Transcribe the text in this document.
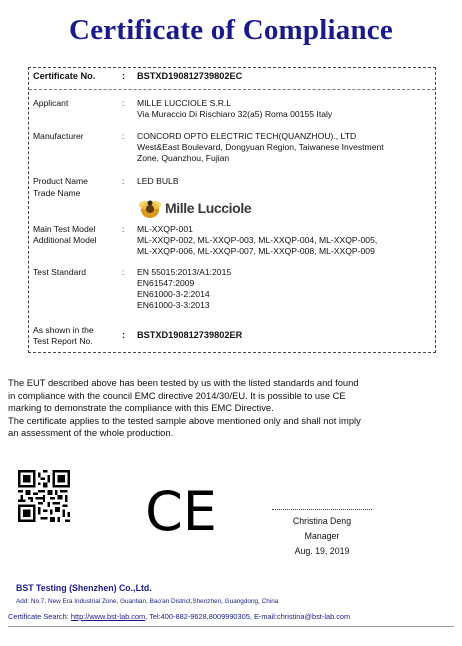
Certificate of Compliance
Certificate No.	: BSTXD190812739802EC
Applicant	: MILLE LUCCIOLE S.R.L
Via Muraccio Di Rischiaro 32(a5) Roma 00155 Italy
Manufacturer	: CONCORD OPTO ELECTRIC TECH(QUANZHOU)., LTD
West&East Boulevard, Dongyuan Region, Taiwanese Investment
Zone, Quanzhou, Fujian
Product Name	: LED BULB
Trade Name
Mille Lucciole
Main Test Model	: ML-XXQP-001
Additional Model	ML-XXQP-002, ML-XXQP-003, ML-XXQP-004, ML-XXQP-005,
ML-XXQP-006, ML-XXQP-007, ML-XXQP-008, ML-XXQP-009
Test Standard	: EN 55015:2013/A1:2015
EN61547:2009
EN61000-3-2:2014
EN61000-3-3:2013
As shown in the
Test Report No.
: BSTXD190812739802ER
The EUT described above has been tested by us with the listed standards and found
in compliance with the council EMC directive 2014/30/EU. It is possible to use CE
marking to demonstrate the compliance with this EMC Directive.
The certificate applies to the tested sample above mentioned only and shall not imply
an assessment of the whole production.
CE	Christina Deng
Manager
Aug. 19, 2019
BST Testing (Shenzhen) Co.,Ltd.
Add: No.7, New Era Industrial Zone, Guantian, Bao'an District,Shenzhen, Guangdong, China
Certificate Search: http://www.bst-lab.com, Tel:400-882-9628,8009990305, E-mail:christina@bst-lab.com
